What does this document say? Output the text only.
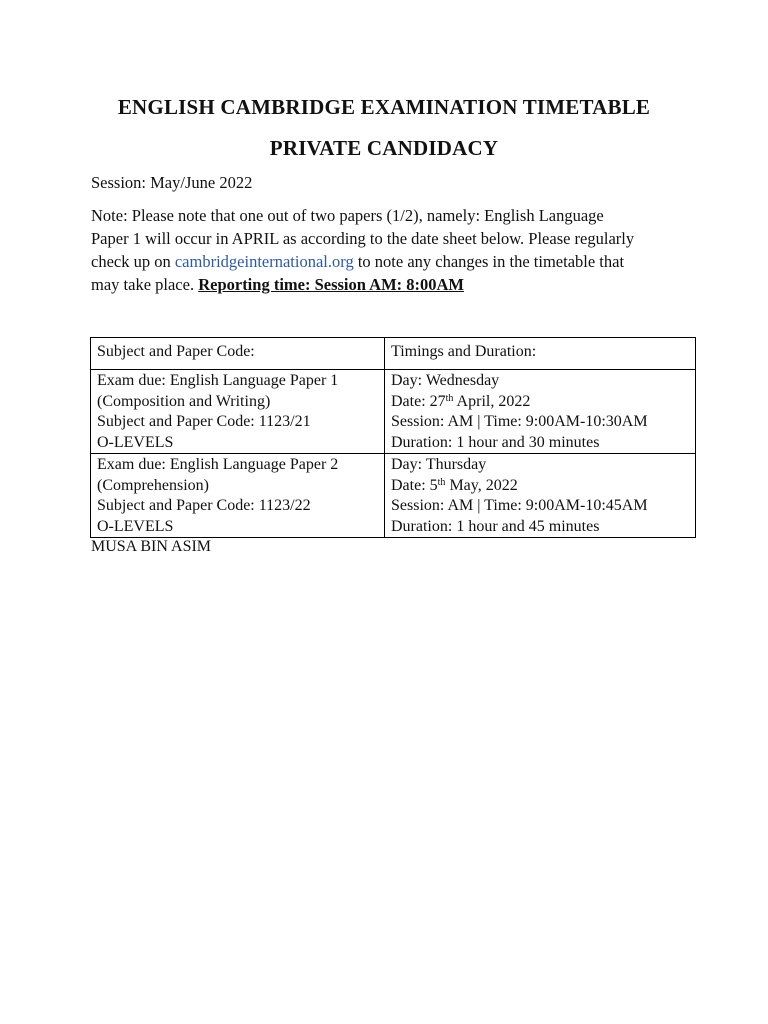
ENGLISH CAMBRIDGE EXAMINATION TIMETABLE
PRIVATE CANDIDACY
Session: May/June 2022
Note: Please note that one out of two papers (1/2), namely: English Language
Paper 1 will occur in APRIL as according to the date sheet below. Please regularly
check up on cambridgeinternational.org to note any changes in the timetable that
may take place. Reporting time: Session AM: 8:00AM
Subject and Paper Code:	Timings and Duration:

Exam due: English Language Paper 1
(Composition and Writing)
Subject and Paper Code: 1123/21
O-LEVELS	Day: Wednesday
Date: 27th April, 2022
Session: AM | Time: 9:00AM-10:30AM
Duration: 1 hour and 30 minutes

Exam due: English Language Paper 2
(Comprehension)
Subject and Paper Code: 1123/22
O-LEVELS	Day: Thursday
Date: 5th May, 2022
Session: AM | Time: 9:00AM-10:45AM
Duration: 1 hour and 45 minutes
MUSA BIN ASIM
